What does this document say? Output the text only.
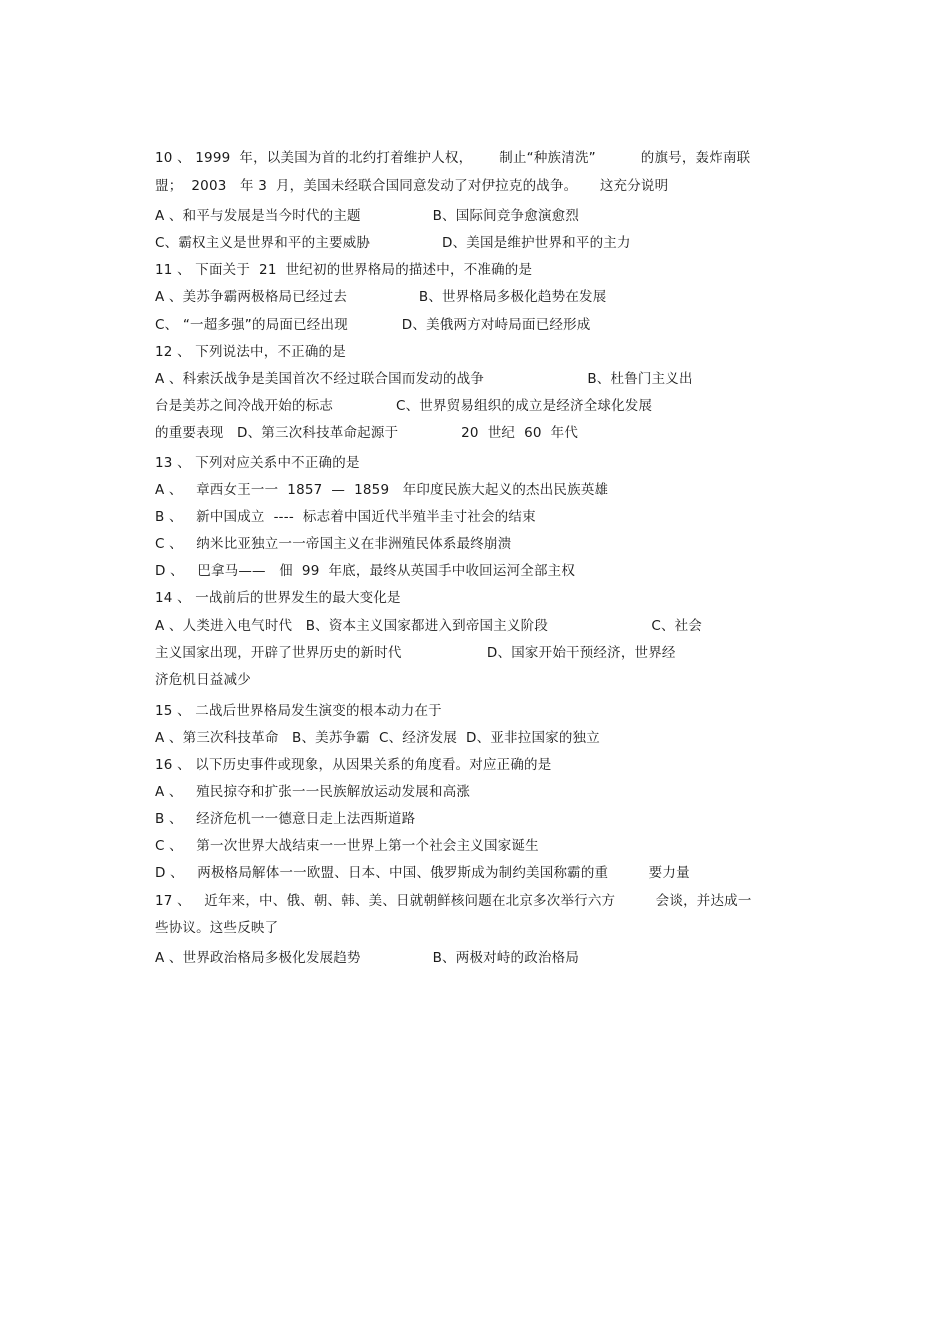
10 、 1999  年，以美国为首的北约打着维护人权，      制止“种族清洗”          的旗号，轰炸南联
盟；  2003   年 3  月，美国未经联合国同意发动了对伊拉克的战争。     这充分说明
A 、和平与发展是当今时代的主题                B、国际间竞争愈演愈烈
C、霸权主义是世界和平的主要威胁                D、美国是维护世界和平的主力
11 、 下面关于  21  世纪初的世界格局的描述中，不准确的是
A 、美苏争霸两极格局已经过去                B、世界格局多极化趋势在发展
C、 “一超多强”的局面已经出现            D、美俄两方对峙局面已经形成
12 、 下列说法中，不正确的是
A 、科索沃战争是美国首次不经过联合国而发动的战争                       B、杜鲁门主义出
台是美苏之间冷战开始的标志              C、世界贸易组织的成立是经济全球化发展
的重要表现   D、第三次科技革命起源于              20  世纪  60  年代
13 、 下列对应关系中不正确的是
A 、   章西女王一一  1857  —  1859   年印度民族大起义的杰出民族英雄
B 、   新中国成立  ----  标志着中国近代半殖半圭寸社会的结束
C 、   纳米比亚独立一一帝国主义在非洲殖民体系最终崩溃
D 、   巴拿马——   佃  99  年底，最终从英国手中收回运河全部主权
14 、 一战前后的世界发生的最大变化是
A 、人类进入电气时代   B、资本主义国家都进入到帝国主义阶段                       C、社会
主义国家出现，开辟了世界历史的新时代                   D、国家开始干预经济，世界经
济危机日益减少
15 、 二战后世界格局发生演变的根本动力在于
A 、第三次科技革命   B、美苏争霸  C、经济发展  D、亚非拉国家的独立
16 、 以下历史事件或现象，从因果关系的角度看。对应正确的是
A 、   殖民掠夺和扩张一一民族解放运动发展和高涨
B 、   经济危机一一德意日走上法西斯道路
C 、   第一次世界大战结束一一世界上第一个社会主义国家诞生
D 、   两极格局解体一一欧盟、日本、中国、俄罗斯成为制约美国称霸的重         要力量
17 、   近年来，中、俄、朝、韩、美、日就朝鲜核问题在北京多次举行六方         会谈，并达成一
些协议。这些反映了
A 、世界政治格局多极化发展趋势                B、两极对峙的政治格局
